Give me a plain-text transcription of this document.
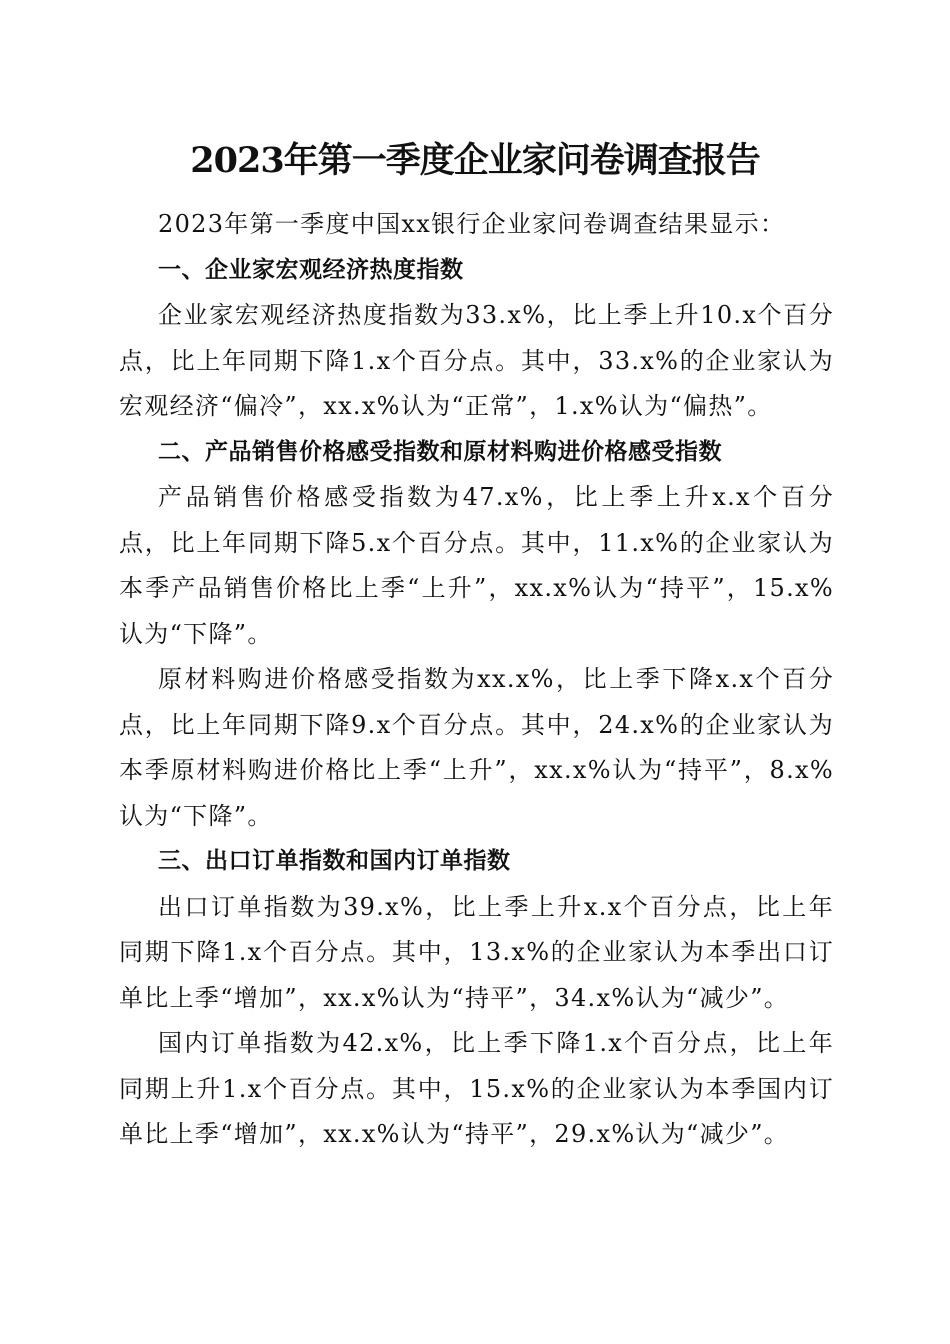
2023年第一季度企业家问卷调查报告

2023年第一季度中国xx银行企业家问卷调查结果显示：

一、企业家宏观经济热度指数

企业家宏观经济热度指数为33.x%，比上季上升10.x个百分点，比上年同期下降1.x个百分点。其中，33.x%的企业家认为宏观经济“偏冷”，xx.x%认为“正常”，1.x%认为“偏热”。

二、产品销售价格感受指数和原材料购进价格感受指数

产品销售价格感受指数为47.x%，比上季上升x.x个百分点，比上年同期下降5.x个百分点。其中，11.x%的企业家认为本季产品销售价格比上季“上升”，xx.x%认为“持平”，15.x%认为“下降”。

原材料购进价格感受指数为xx.x%，比上季下降x.x个百分点，比上年同期下降9.x个百分点。其中，24.x%的企业家认为本季原材料购进价格比上季“上升”，xx.x%认为“持平”，8.x%认为“下降”。

三、出口订单指数和国内订单指数

出口订单指数为39.x%，比上季上升x.x个百分点，比上年同期下降1.x个百分点。其中，13.x%的企业家认为本季出口订单比上季“增加”，xx.x%认为“持平”，34.x%认为“减少”。

国内订单指数为42.x%，比上季下降1.x个百分点，比上年同期上升1.x个百分点。其中，15.x%的企业家认为本季国内订单比上季“增加”，xx.x%认为“持平”，29.x%认为“减少”。
